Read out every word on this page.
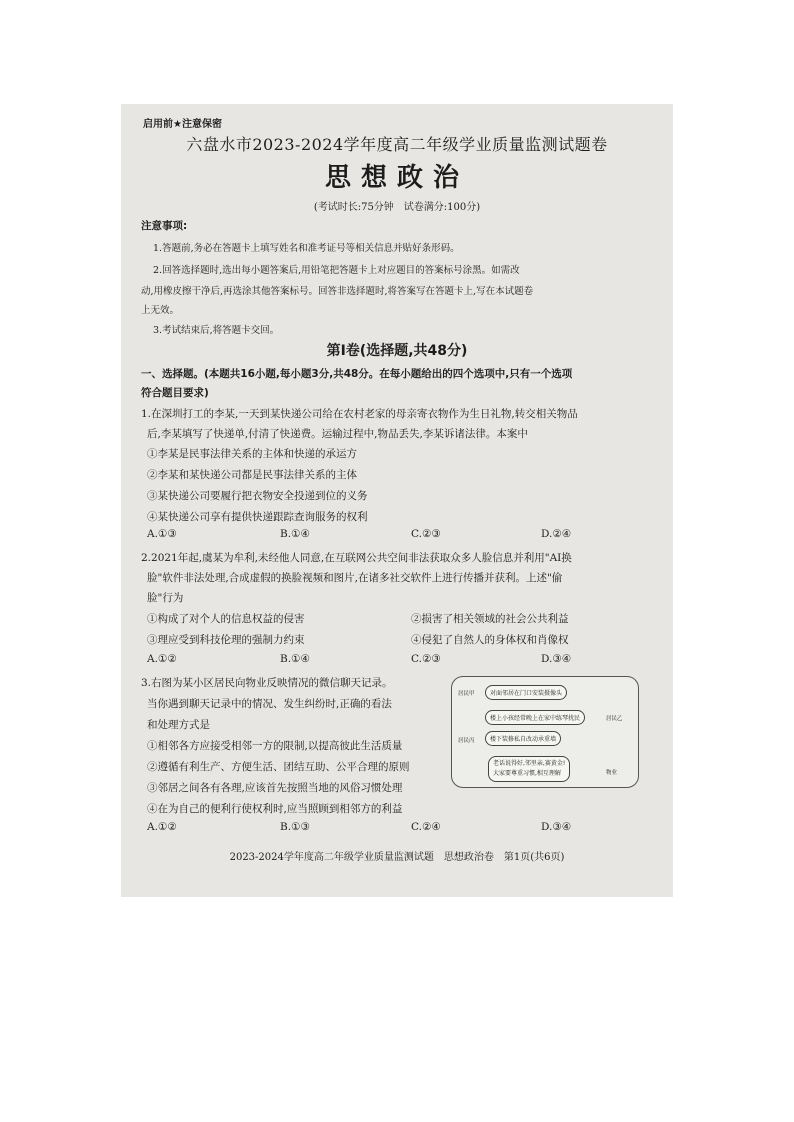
启用前★注意保密
六盘水市2023-2024学年度高二年级学业质量监测试题卷
思想政治
(考试时长:75分钟　试卷满分:100分)
注意事项:
1.答题前,务必在答题卡上填写姓名和准考证号等相关信息并贴好条形码。
2.回答选择题时,选出每小题答案后,用铅笔把答题卡上对应题目的答案标号涂黑。如需改
动,用橡皮擦干净后,再选涂其他答案标号。回答非选择题时,将答案写在答题卡上,写在本试题卷
上无效。
3.考试结束后,将答题卡交回。
第Ⅰ卷(选择题,共48分)
一、选择题。(本题共16小题,每小题3分,共48分。在每小题给出的四个选项中,只有一个选项
符合题目要求)
1.在深圳打工的李某,一天到某快递公司给在农村老家的母亲寄衣物作为生日礼物,转交相关物品
后,李某填写了快递单,付清了快递费。运输过程中,物品丢失,李某诉诸法律。本案中
①李某是民事法律关系的主体和快递的承运方
②李某和某快递公司都是民事法律关系的主体
③某快递公司要履行把衣物安全投递到位的义务
④某快递公司享有提供快递跟踪查询服务的权利
A.①③	B.①④	C.②③	D.②④
2.2021年起,虞某为牟利,未经他人同意,在互联网公共空间非法获取众多人脸信息并利用"AI换
脸"软件非法处理,合成虚假的换脸视频和图片,在诸多社交软件上进行传播并获利。上述"偷
脸"行为
①构成了对个人的信息权益的侵害	②损害了相关领域的社会公共利益
③理应受到科技伦理的强制力约束	④侵犯了自然人的身体权和肖像权
A.①②	B.①④	C.②③	D.③④
3.右图为某小区居民向物业反映情况的微信聊天记录。
当你遇到聊天记录中的情况、发生纠纷时,正确的看法
和处理方式是
①相邻各方应接受相邻一方的限制,以提高彼此生活质量
②遵循有利生产、方便生活、团结互助、公平合理的原则
③邻居之间各有各理,应该首先按照当地的风俗习惯处理
④在为自己的便利行使权利时,应当照顾到相邻方的利益
A.①②	B.①③	C.②④	D.③④
居民甲	对面邻居在门口安装摄像头
楼上小孩经常晚上在家中练琴扰民	居民乙
居民丙	楼下装修私自改动承重墙
老话说得好,邻里亲,赛黄金!
大家要尊重习惯,相互理解	物业
2023-2024学年度高二年级学业质量监测试题　思想政治卷　第1页(共6页)
